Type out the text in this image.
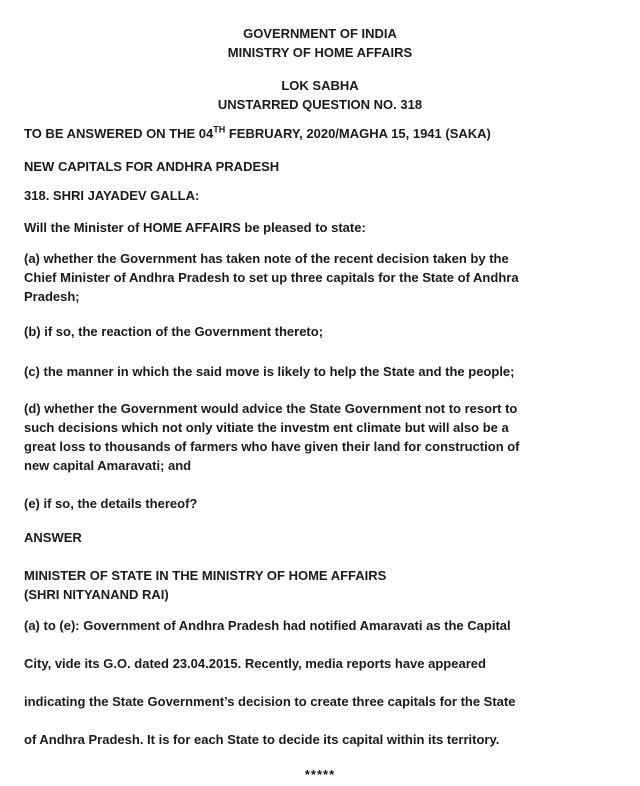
GOVERNMENT OF INDIA
MINISTRY OF HOME AFFAIRS
LOK SABHA
UNSTARRED QUESTION NO. 318
TO BE ANSWERED ON THE 04TH FEBRUARY, 2020/MAGHA 15, 1941 (SAKA)
NEW CAPITALS FOR ANDHRA PRADESH
318. SHRI JAYADEV GALLA:
Will the Minister of HOME AFFAIRS be pleased to state:
(a) whether the Government has taken note of the recent decision taken by the
Chief Minister of Andhra Pradesh to set up three capitals for the State of Andhra
Pradesh;
(b) if so, the reaction of the Government thereto;
(c) the manner in which the said move is likely to help the State and the people;
(d) whether the Government would advice the State Government not to resort to
such decisions which not only vitiate the investm ent climate but will also be a
great loss to thousands of farmers who have given their land for construction of
new capital Amaravati; and
(e) if so, the details thereof?
ANSWER
MINISTER OF STATE IN THE MINISTRY OF HOME AFFAIRS
(SHRI NITYANAND RAI)
(a) to (e): Government of Andhra Pradesh had notified Amaravati as the Capital
City, vide its G.O. dated 23.04.2015. Recently, media reports have appeared
indicating the State Government’s decision to create three capitals for the State
of Andhra Pradesh. It is for each State to decide its capital within its territory.
*****
